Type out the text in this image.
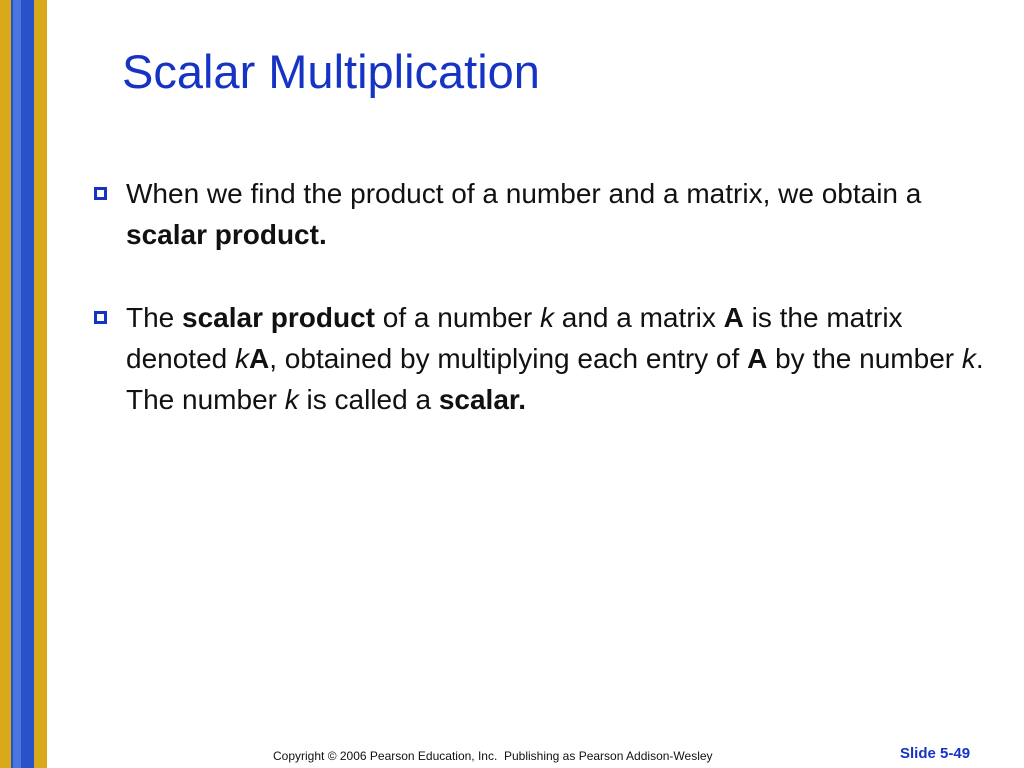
Scalar Multiplication
When we find the product of a number and a matrix, we obtain a scalar product.
The scalar product of a number k and a matrix A is the matrix denoted kA, obtained by multiplying each entry of A by the number k. The number k is called a scalar.
Copyright © 2006 Pearson Education, Inc.  Publishing as Pearson Addison-Wesley	Slide 5-49
